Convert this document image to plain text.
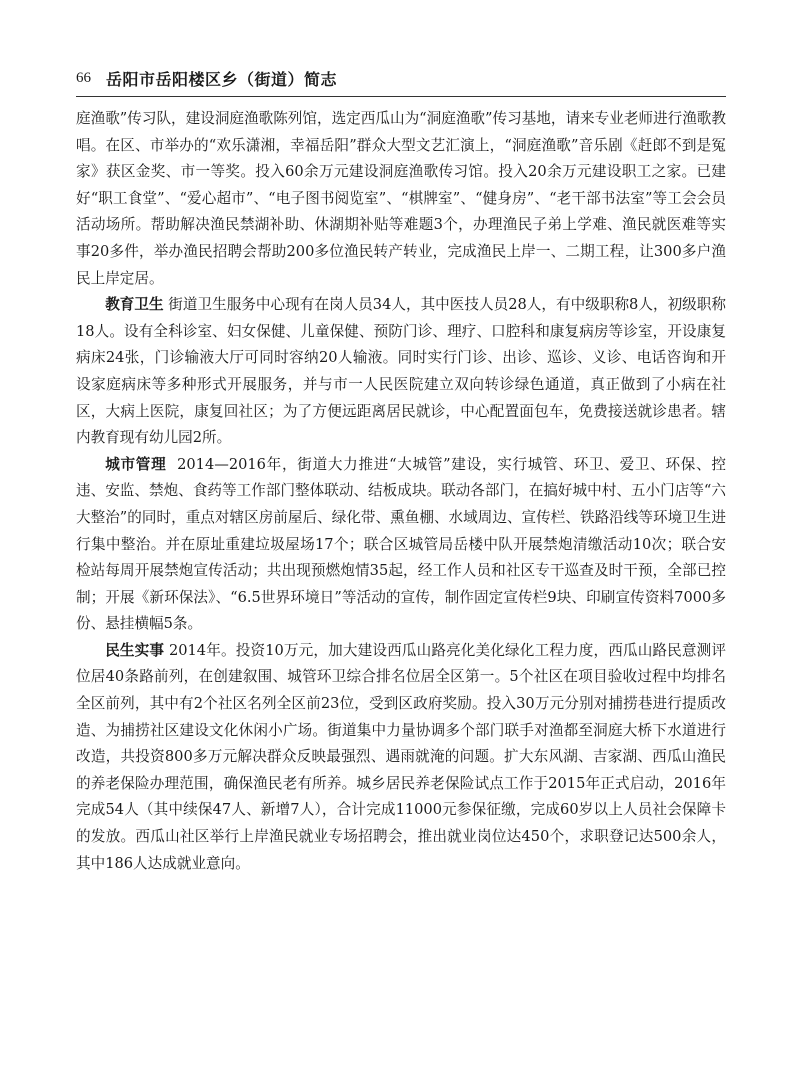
66 岳阳市岳阳楼区乡（街道）简志

庭渔歌”传习队，建设洞庭渔歌陈列馆，选定西瓜山为“洞庭渔歌”传习基地，请来专业老师进行渔歌教唱。在区、市举办的“欢乐潇湘，幸福岳阳”群众大型文艺汇演上，“洞庭渔歌”音乐剧《赶郎不到是冤家》获区金奖、市一等奖。投入60余万元建设洞庭渔歌传习馆。投入20余万元建设职工之家。已建好“职工食堂”、“爱心超市”、“电子图书阅览室”、“棋牌室”、“健身房”、“老干部书法室”等工会会员活动场所。帮助解决渔民禁湖补助、休湖期补贴等难题3个，办理渔民子弟上学难、渔民就医难等实事20多件，举办渔民招聘会帮助200多位渔民转产转业，完成渔民上岸一、二期工程，让300多户渔民上岸定居。

教育卫生 街道卫生服务中心现有在岗人员34人，其中医技人员28人，有中级职称8人，初级职称18人。设有全科诊室、妇女保健、儿童保健、预防门诊、理疗、口腔科和康复病房等诊室，开设康复病床24张，门诊输液大厅可同时容纳20人输液。同时实行门诊、出诊、巡诊、义诊、电话咨询和开设家庭病床等多种形式开展服务，并与市一人民医院建立双向转诊绿色通道，真正做到了小病在社区，大病上医院，康复回社区；为了方便远距离居民就诊，中心配置面包车，免费接送就诊患者。辖内教育现有幼儿园2所。

城市管理 2014—2016年，街道大力推进“大城管”建设，实行城管、环卫、爱卫、环保、控违、安监、禁炮、食药等工作部门整体联动、结板成块。联动各部门，在搞好城中村、五小门店等“六大整治”的同时，重点对辖区房前屋后、绿化带、熏鱼棚、水域周边、宣传栏、铁路沿线等环境卫生进行集中整治。并在原址重建垃圾屋场17个；联合区城管局岳楼中队开展禁炮清缴活动10次；联合安检站每周开展禁炮宣传活动；共出现预燃炮情35起，经工作人员和社区专干巡查及时干预，全部已控制；开展《新环保法》、“6.5世界环境日”等活动的宣传，制作固定宣传栏9块、印刷宣传资料7000多份、悬挂横幅5条。

民生实事 2014年。投资10万元，加大建设西瓜山路亮化美化绿化工程力度，西瓜山路民意测评位居40条路前列，在创建叙围、城管环卫综合排名位居全区第一。5个社区在项目验收过程中均排名全区前列，其中有2个社区名列全区前23位，受到区政府奖励。投入30万元分别对捕捞巷进行提质改造、为捕捞社区建设文化休闲小广场。街道集中力量协调多个部门联手对渔都至洞庭大桥下水道进行改造，共投资800多万元解决群众反映最强烈、遇雨就淹的问题。扩大东风湖、吉家湖、西瓜山渔民的养老保险办理范围，确保渔民老有所养。城乡居民养老保险试点工作于2015年正式启动，2016年完成54人（其中续保47人、新增7人），合计完成11000元参保征缴，完成60岁以上人员社会保障卡的发放。西瓜山社区举行上岸渔民就业专场招聘会，推出就业岗位达450个，求职登记达500余人，其中186人达成就业意向。
